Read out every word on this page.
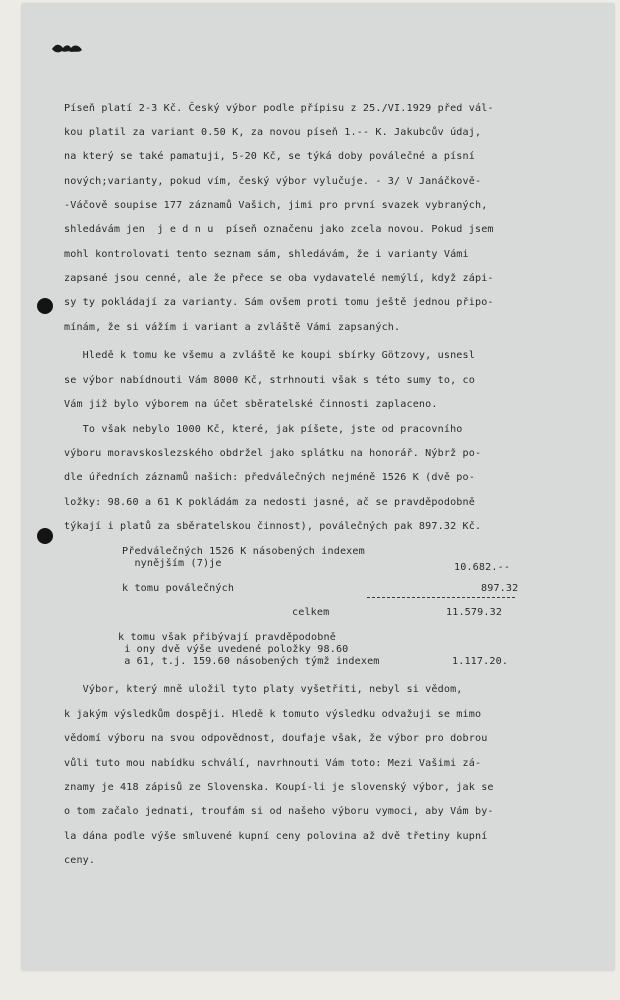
Píseň platí 2-3 Kč. Český výbor podle přípisu z 25./VI.1929 před vál-
kou platil za variant 0.50 K, za novou píseň 1.-- K. Jakubcův údaj,
na který se také pamatuji, 5-20 Kč, se týká doby poválečné a písní
nových;varianty, pokud vím, český výbor vylučuje. - 3/ V Janáčkově-
-Váčově soupise 177 záznamů Vašich, jimi pro první svazek vybraných,
shledávám jen  j e d n u  píseň označenu jako zcela novou. Pokud jsem
mohl kontrolovati tento seznam sám, shledávám, že i varianty Vámi
zapsané jsou cenné, ale že přece se oba vydavatelé nemýlí, když zápi-
sy ty pokládají za varianty. Sám ovšem proti tomu ještě jednou připo-
mínám, že si vážím i variant a zvláště Vámi zapsaných.
Hledě k tomu ke všemu a zvláště ke koupi sbírky Götzovy, usnesl
se výbor nabídnouti Vám 8000 Kč, strhnouti však s této sumy to, co
Vám již bylo výborem na účet sběratelské činnosti zaplaceno.
To však nebylo 1000 Kč, které, jak píšete, jste od pracovního
výboru moravskoslezského obdržel jako splátku na honorář. Nýbrž po-
dle úředních záznamů našich: předválečných nejméně 1526 K (dvě po-
ložky: 98.60 a 61 K pokládám za nedosti jasné, ač se pravděpodobně
týkají i platů za sběratelskou činnost), poválečných pak 897.32 Kč.
Předválečných 1526 K násobených indexem
nynějším (7)je	10.682.--
k tomu poválečných	897.32
celkem	11.579.32
k tomu však přibývají pravděpodobně
i ony dvě výše uvedené položky 98.60
a 61, t.j. 159.60 násobených týmž indexem	1.117.20.
Výbor, který mně uložil tyto platy vyšetřiti, nebyl si vědom,
k jakým výsledkům dospěji. Hledě k tomuto výsledku odvažuji se mimo
vědomí výboru na svou odpovědnost, doufaje však, že výbor pro dobrou
vůli tuto mou nabídku schválí, navrhnouti Vám toto: Mezi Vašimi zá-
znamy je 418 zápisů ze Slovenska. Koupí-li je slovenský výbor, jak se
o tom začalo jednati, troufám si od našeho výboru vymoci, aby Vám by-
la dána podle výše smluvené kupní ceny polovina až dvě třetiny kupní
ceny.
